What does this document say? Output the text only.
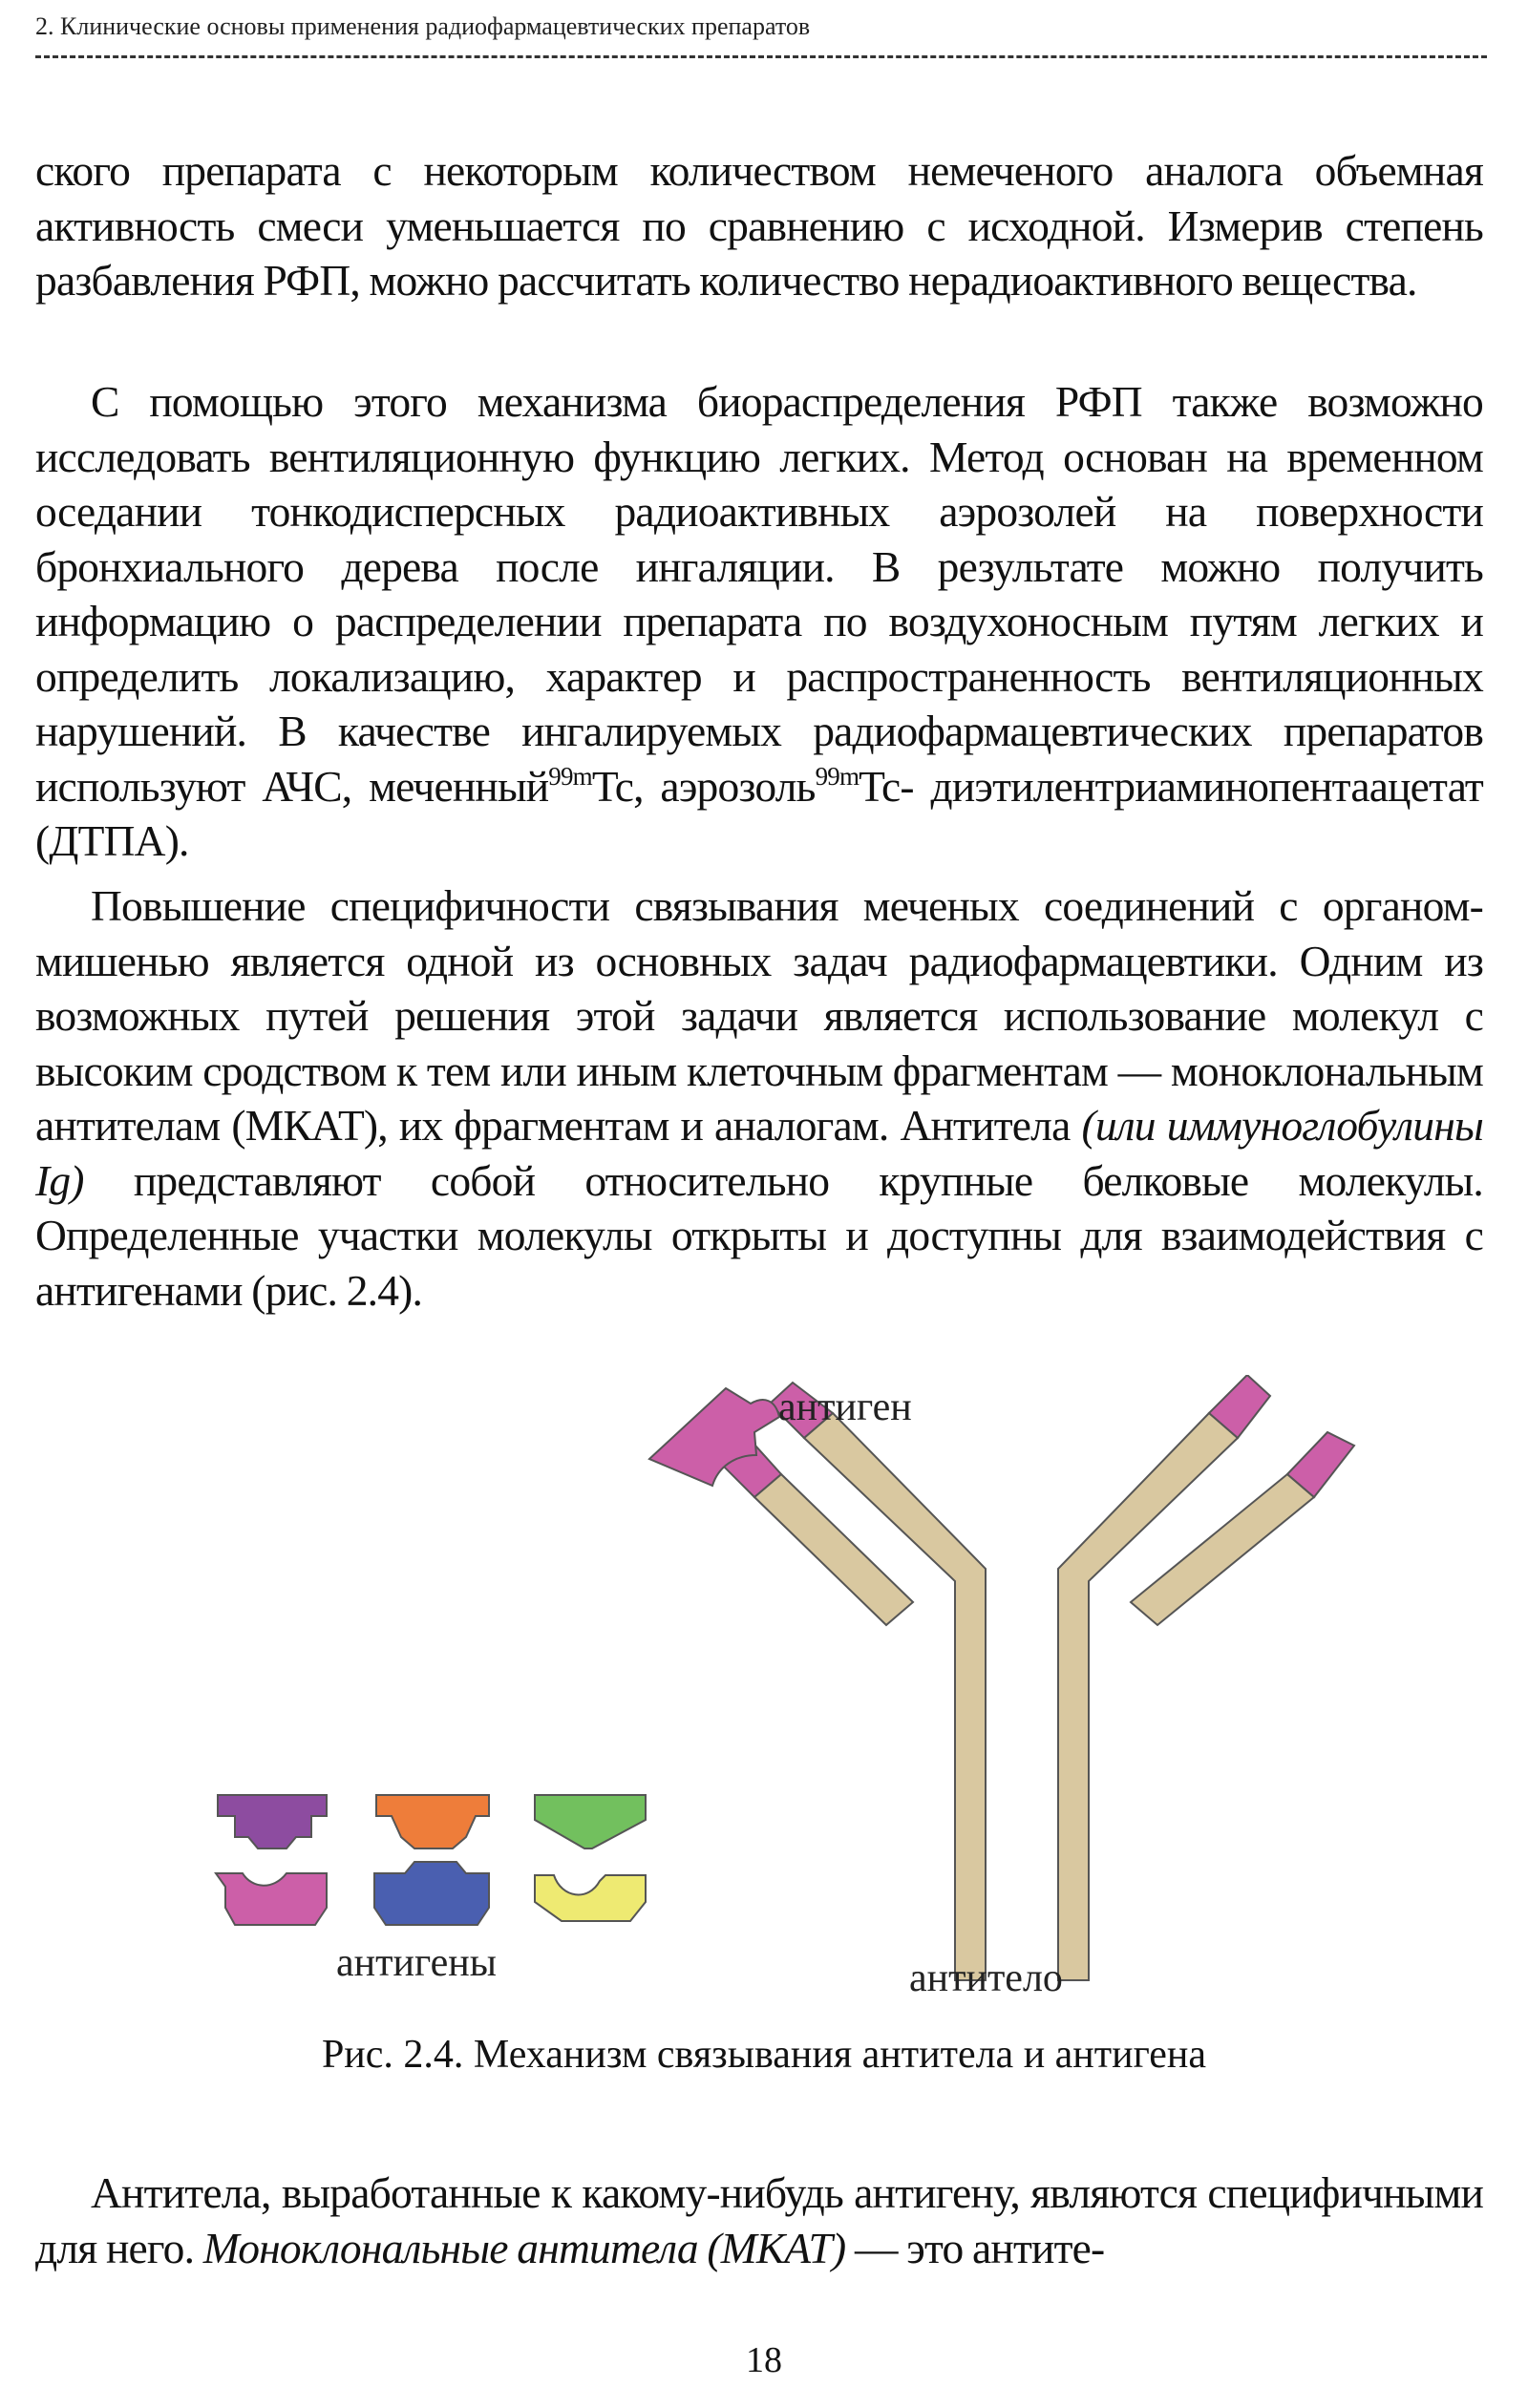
2. Клинические основы применения радиофармацевтических препаратов

ского препарата с некоторым количеством немеченого аналога объемная активность смеси уменьшается по сравнению с исходной. Измерив степень разбавления РФП, можно рассчитать количество нерадиоактивного вещества.

С помощью этого механизма биораспределения РФП также возможно исследовать вентиляционную функцию легких. Метод основан на временном оседании тонкодисперсных радиоактивных аэрозолей на поверхности бронхиального дерева после ингаляции. В результате можно получить информацию о распределении препарата по воздухоносным путям легких и определить локализацию, характер и распространенность вентиляционных нарушений. В качестве ингалируемых радиофармацевтических препаратов используют АЧС, меченный$^{99m}$Tc, аэрозоль$^{99m}$Tc- диэтилентриаминопентаацетат (ДТПА).

Повышение специфичности связывания меченых соединений с органом-мишенью является одной из основных задач радиофармацевтики. Одним из возможных путей решения этой задачи является использование молекул с высоким сродством к тем или иным клеточным фрагментам — моноклональным антителам (МКАТ), их фрагментам и аналогам. Антитела (или иммуноглобулины Ig) представляют собой относительно крупные белковые молекулы. Определенные участки молекулы открыты и доступны для взаимодействия с антигенами (рис. 2.4).

антиген
антигены	антитело
Рис. 2.4. Механизм связывания антитела и антигена

Антитела, выработанные к какому-нибудь антигену, являются специфичными для него. Моноклональные антитела (МКАТ) — это антите-

18
